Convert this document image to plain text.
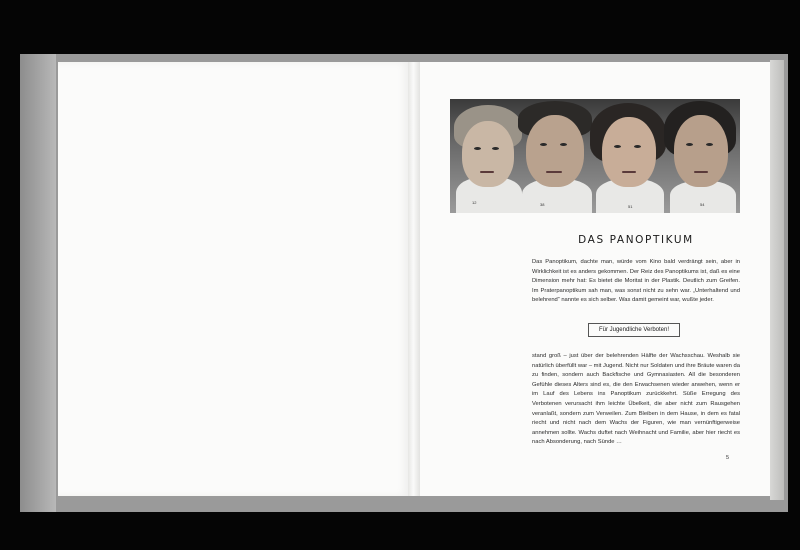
12	38	51	54
DAS PANOPTIKUM

Das Panoptikum, dachte man, würde vom Kino bald verdrängt sein, aber in Wirklichkeit ist es anders gekommen. Der Reiz des Panoptikums ist, daß es eine Dimension mehr hat: Es bietet die Moritat in der Plastik. Deutlich zum Greifen. Im Praterpanoptikum sah man, was sonst nicht zu sehn war. „Unterhaltend und belehrend“ nannte es sich selber. Was damit gemeint war, wußte jeder.

Für Jugendliche Verboten!

stand groß – just über der belehrenden Hälfte der Wachsschau. Weshalb sie natürlich überfüllt war – mit Jugend. Nicht nur Soldaten und ihre Bräute waren da zu finden, sondern auch Backfische und Gymnasiasten. All die besonderen Gefühle dieses Alters sind es, die den Erwachsenen wieder anwehen, wenn er im Lauf des Lebens ins Panoptikum zurückkehrt. Süße Erregung des Verbotenen verursacht ihm leichte Übelkeit, die aber nicht zum Rausgehen veranlaßt, sondern zum Verweilen. Zum Bleiben in dem Hause, in dem es fatal riecht und nicht nach dem Wachs der Figuren, wie man vernünftigerweise annehmen sollte. Wachs duftet nach Weihnacht und Familie, aber hier riecht es nach Absonderung, nach Sünde …

5
